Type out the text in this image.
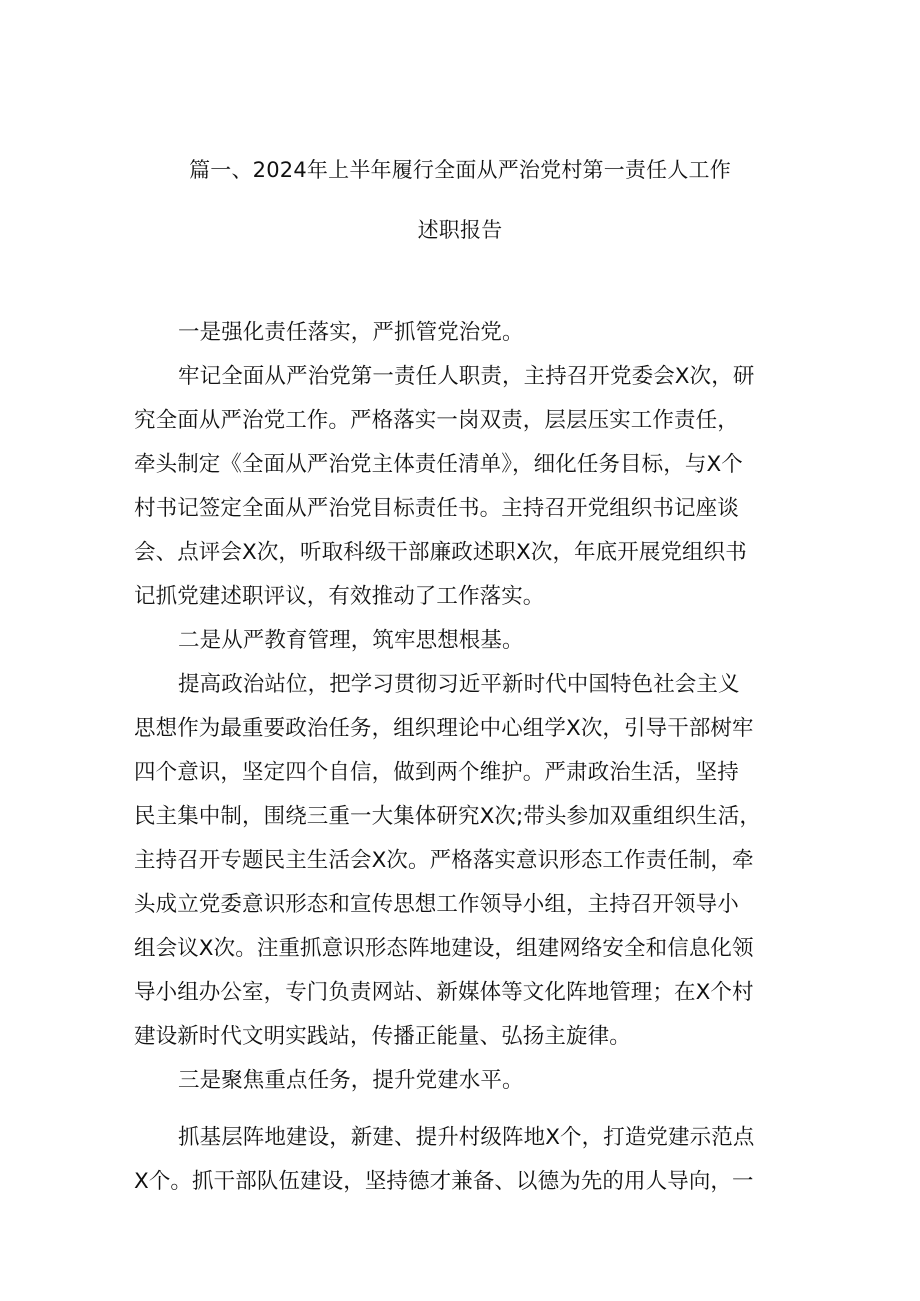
篇一、2024年上半年履行全面从严治党村第一责任人工作
述职报告
一是强化责任落实，严抓管党治党。
牢记全面从严治党第一责任人职责，主持召开党委会X次，研
究全面从严治党工作。严格落实一岗双责，层层压实工作责任，
牵头制定《全面从严治党主体责任清单》，细化任务目标，与X个
村书记签定全面从严治党目标责任书。主持召开党组织书记座谈
会、点评会X次，听取科级干部廉政述职X次，年底开展党组织书
记抓党建述职评议，有效推动了工作落实。
二是从严教育管理，筑牢思想根基。
提高政治站位，把学习贯彻习近平新时代中国特色社会主义
思想作为最重要政治任务，组织理论中心组学X次，引导干部树牢
四个意识，坚定四个自信，做到两个维护。严肃政治生活，坚持
民主集中制，围绕三重一大集体研究X次;带头参加双重组织生活，
主持召开专题民主生活会X次。严格落实意识形态工作责任制，牵
头成立党委意识形态和宣传思想工作领导小组，主持召开领导小
组会议X次。注重抓意识形态阵地建设，组建网络安全和信息化领
导小组办公室，专门负责网站、新媒体等文化阵地管理；在X个村
建设新时代文明实践站，传播正能量、弘扬主旋律。
三是聚焦重点任务，提升党建水平。
抓基层阵地建设，新建、提升村级阵地X个，打造党建示范点
X个。抓干部队伍建设，坚持德才兼备、以德为先的用人导向，一
